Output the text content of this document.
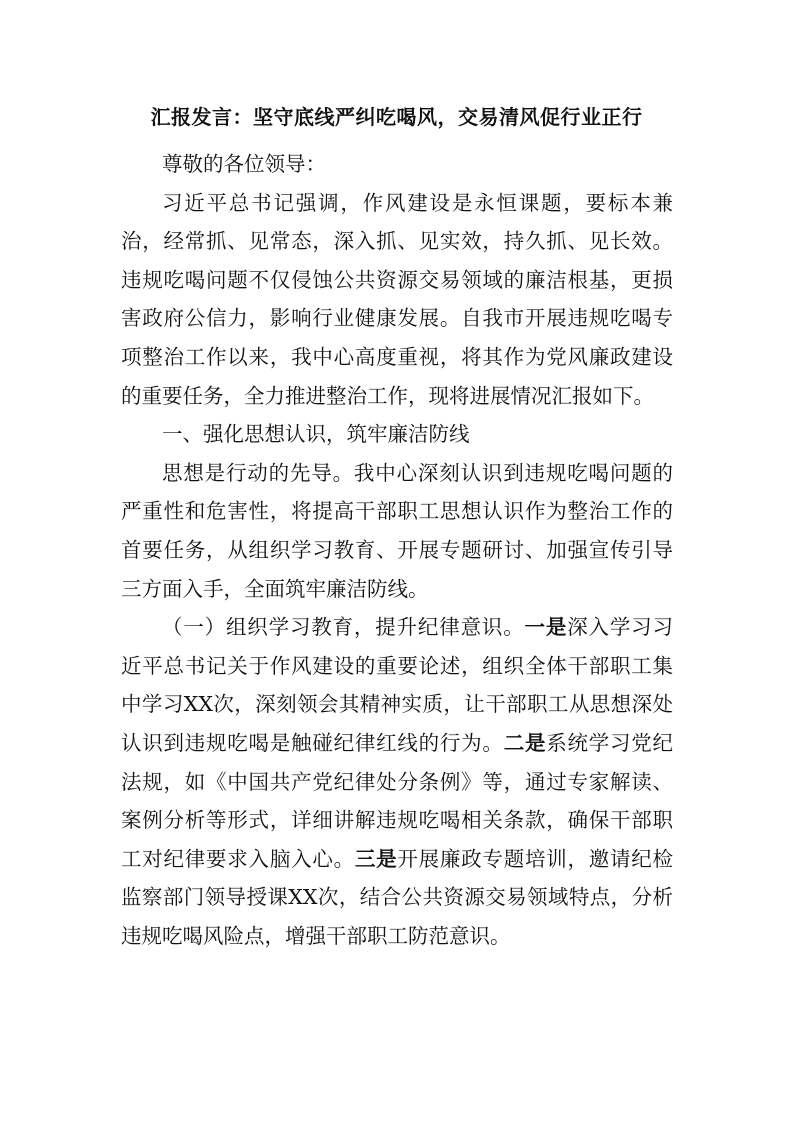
汇报发言：坚守底线严纠吃喝风，交易清风促行业正行

尊敬的各位领导：

习近平总书记强调，作风建设是永恒课题，要标本兼治，经常抓、见常态，深入抓、见实效，持久抓、见长效。违规吃喝问题不仅侵蚀公共资源交易领域的廉洁根基，更损害政府公信力，影响行业健康发展。自我市开展违规吃喝专项整治工作以来，我中心高度重视，将其作为党风廉政建设的重要任务，全力推进整治工作，现将进展情况汇报如下。

一、强化思想认识，筑牢廉洁防线

思想是行动的先导。我中心深刻认识到违规吃喝问题的严重性和危害性，将提高干部职工思想认识作为整治工作的首要任务，从组织学习教育、开展专题研讨、加强宣传引导三方面入手，全面筑牢廉洁防线。

（一）组织学习教育，提升纪律意识。一是深入学习习近平总书记关于作风建设的重要论述，组织全体干部职工集中学习XX次，深刻领会其精神实质，让干部职工从思想深处认识到违规吃喝是触碰纪律红线的行为。二是系统学习党纪法规，如《中国共产党纪律处分条例》等，通过专家解读、案例分析等形式，详细讲解违规吃喝相关条款，确保干部职工对纪律要求入脑入心。三是开展廉政专题培训，邀请纪检监察部门领导授课XX次，结合公共资源交易领域特点，分析违规吃喝风险点，增强干部职工防范意识。
